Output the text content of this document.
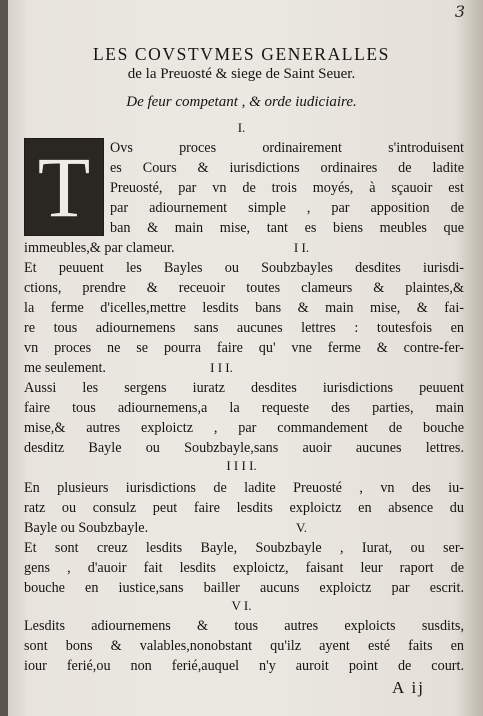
3
LES COVSTVMES GENERALLES
de la Preuosté & siege de Saint Seuer.
De feur competant , & orde iudiciaire.
I.
T	Ovs proces ordinairement s'introduisent
es Cours & iurisdictions ordinaires de ladite
Preuosté, par vn de trois moyés, à sçauoir est
par adiournement simple , par apposition de
ban & main mise, tant es biens meubles que
immeubles,& par clameur.	I I.
Et peuuent les Bayles ou Soubzbayles desdites iurisdi-
ctions, prendre & receuoir toutes clameurs & plaintes,&
la ferme d'icelles,mettre lesdits bans & main mise, & fai-
re tous adiournemens sans aucunes lettres : toutesfois en
vn proces ne se pourra faire qu' vne ferme & contre-fer-
me seulement.	I I I.
Aussi les sergens iuratz desdites iurisdictions peuuent
faire tous adiournemens,a la requeste des parties, main
mise,& autres exploictz , par commandement de bouche
desditz Bayle ou Soubzbayle,sans auoir aucunes lettres.
I I I I.
En plusieurs iurisdictions de ladite Preuosté , vn des iu-
ratz ou consulz peut faire lesdits exploictz en absence du
Bayle ou Soubzbayle.	V.
Et sont creuz lesdits Bayle, Soubzbayle , Iurat, ou ser-
gens , d'auoir fait lesdits exploictz, faisant leur raport de
bouche en iustice,sans bailler aucuns exploictz par escrit.
V I.
Lesdits adiournemens & tous autres exploicts susdits,
sont bons & valables,nonobstant qu'ilz ayent esté faits en
iour ferié,ou non ferié,auquel n'y auroit point de court.
A ij
